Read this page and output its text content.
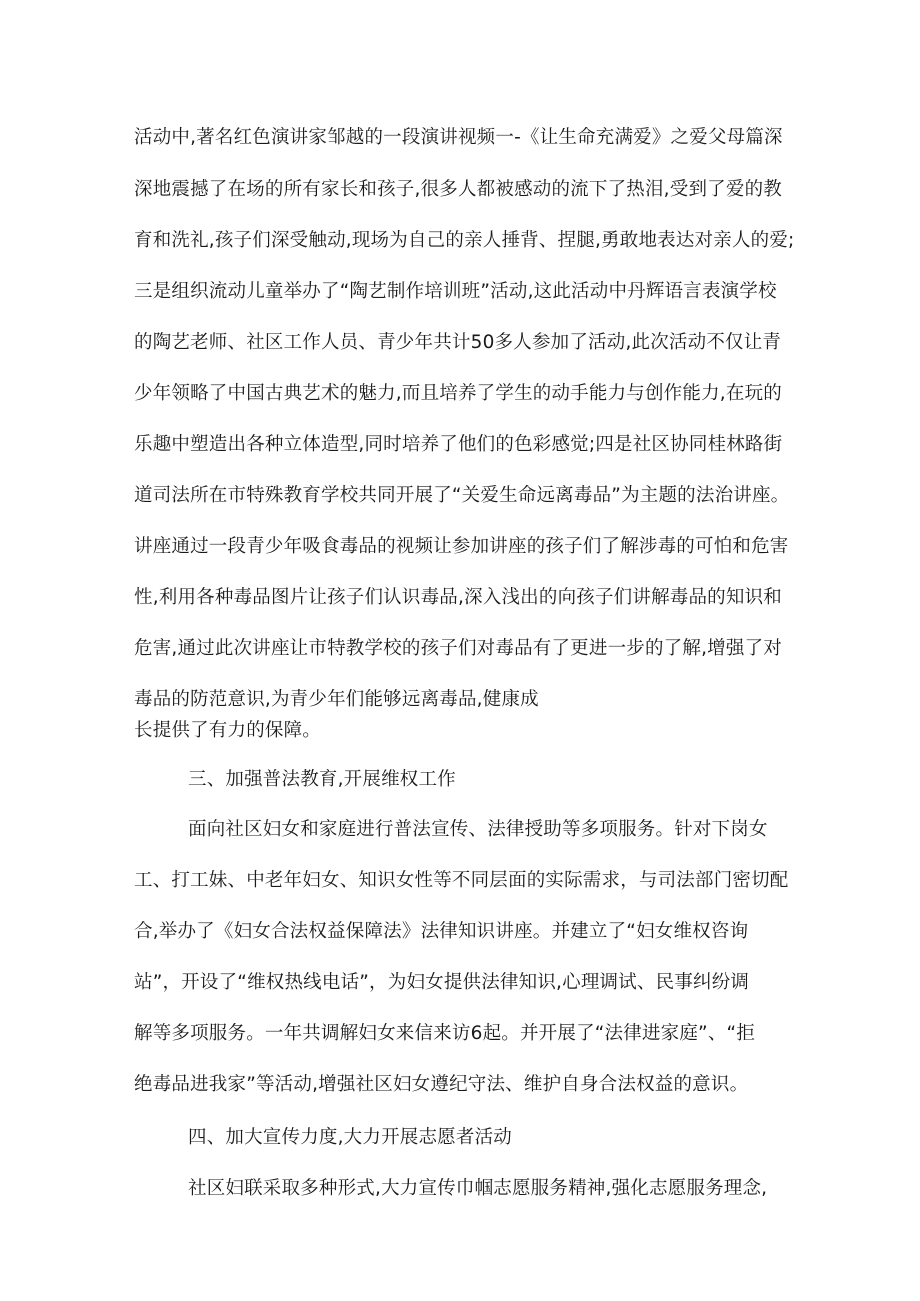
活动中,著名红色演讲家邹越的一段演讲视频一-《让生命充满爱》之爱父母篇深
深地震撼了在场的所有家长和孩子,很多人都被感动的流下了热泪,受到了爱的教
育和洗礼,孩子们深受触动,现场为自己的亲人捶背、捏腿,勇敢地表达对亲人的爱;
三是组织流动儿童举办了“陶艺制作培训班”活动,这此活动中丹辉语言表演学校
的陶艺老师、社区工作人员、青少年共计50多人参加了活动,此次活动不仅让青
少年领略了中国古典艺术的魅力,而且培养了学生的动手能力与创作能力,在玩的
乐趣中塑造出各种立体造型,同时培养了他们的色彩感觉;四是社区协同桂林路街
道司法所在市特殊教育学校共同开展了“关爱生命远离毒品”为主题的法治讲座。
讲座通过一段青少年吸食毒品的视频让参加讲座的孩子们了解涉毒的可怕和危害
性,利用各种毒品图片让孩子们认识毒品,深入浅出的向孩子们讲解毒品的知识和
危害,通过此次讲座让市特教学校的孩子们对毒品有了更进一步的了解,增强了对
毒品的防范意识,为青少年们能够远离毒品,健康成
长提供了有力的保障。
三、加强普法教育,开展维权工作
面向社区妇女和家庭进行普法宣传、法律授助等多项服务。针对下岗女
工、打工妹、中老年妇女、知识女性等不同层面的实际需求，与司法部门密切配
合,举办了《妇女合法权益保障法》法律知识讲座。并建立了“妇女维权咨询
站”，开设了“维权热线电话”，为妇女提供法律知识,心理调试、民事纠纷调
解等多项服务。一年共调解妇女来信来访6起。并开展了“法律进家庭”、“拒
绝毒品进我家”等活动,增强社区妇女遵纪守法、维护自身合法权益的意识。
四、加大宣传力度,大力开展志愿者活动
社区妇联采取多种形式,大力宣传巾帼志愿服务精神,强化志愿服务理念,
